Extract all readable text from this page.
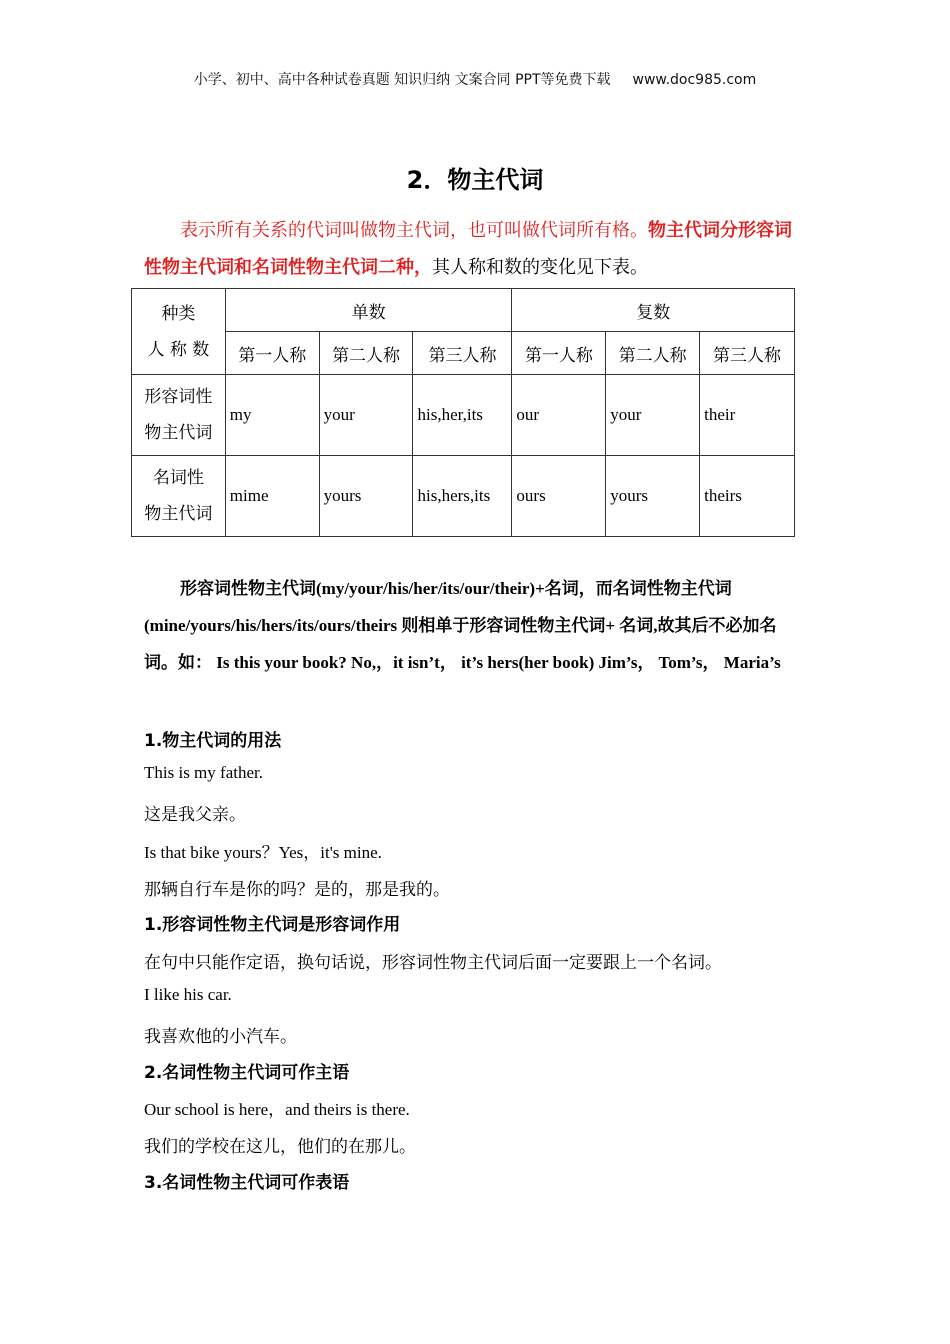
小学、初中、高中各种试卷真题 知识归纳 文案合同 PPT等免费下载 www.doc985.com
2．物主代词
表示所有关系的代词叫做物主代词，也可叫做代词所有格。物主代词分形容词性物主代词和名词性物主代词二种，其人称和数的变化见下表。
种类
人 称 数	单数			复数		
	第一人称	第二人称	第三人称	第一人称	第二人称	第三人称

形容词性
物主代词	my	your	his,her,its	our	your	their

名词性
物主代词	mime	yours	his,hers,its	ours	yours	theirs
形容词性物主代词(my/your/his/her/its/our/their)+名词，而名词性物主代词(mine/yours/his/hers/its/ours/theirs 则相单于形容词性物主代词+ 名词,故其后不必加名词。如： Is this your book? No,，it isn’t， it’s hers(her book) Jim’s， Tom’s， Maria’s
1.物主代词的用法
This is my father.
这是我父亲。
Is that bike yours？Yes，it's mine.
那辆自行车是你的吗？是的，那是我的。
1.形容词性物主代词是形容词作用
在句中只能作定语，换句话说，形容词性物主代词后面一定要跟上一个名词。
I like his car.
我喜欢他的小汽车。
2.名词性物主代词可作主语
Our school is here，and theirs is there.
我们的学校在这儿，他们的在那儿。
3.名词性物主代词可作表语
